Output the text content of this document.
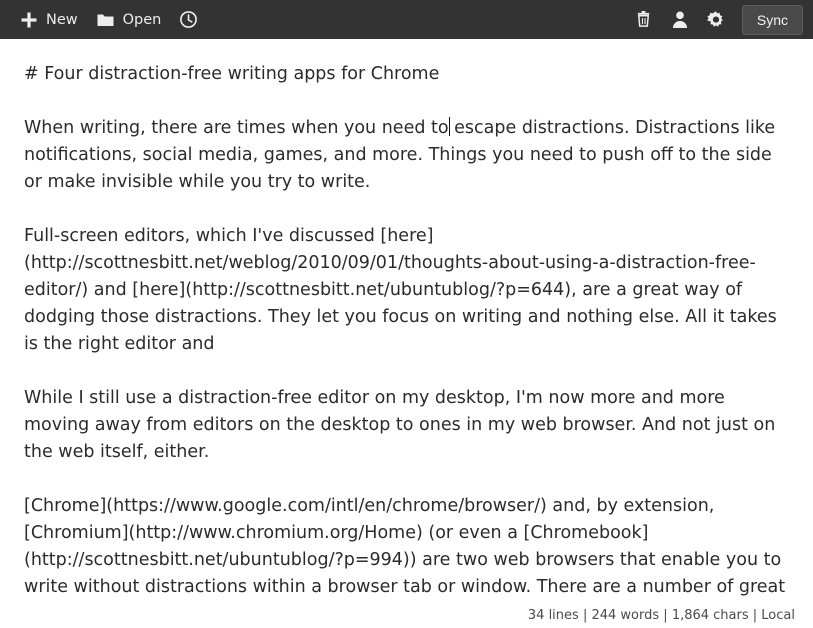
New	Open	Sync

# Four distraction-free writing apps for Chrome

When writing, there are times when you need to escape distractions. Distractions like notifications, social media, games, and more. Things you need to push off to the side or make invisible while you try to write.

Full-screen editors, which I've discussed [here](http://scottnesbitt.net/weblog/2010/09/01/thoughts-about-using-a-distraction-free-editor/) and [here](http://scottnesbitt.net/ubuntublog/?p=644), are a great way of dodging those distractions. They let you focus on writing and nothing else. All it takes is the right editor and

While I still use a distraction-free editor on my desktop, I'm now more and more moving away from editors on the desktop to ones in my web browser. And not just on the web itself, either.

[Chrome](https://www.google.com/intl/en/chrome/browser/) and, by extension, [Chromium](http://www.chromium.org/Home) (or even a [Chromebook](http://scottnesbitt.net/ubuntublog/?p=994)) are two web browsers that enable you to write without distractions within a browser tab or window. There are a number of great

34 lines | 244 words | 1,864 chars | Local
